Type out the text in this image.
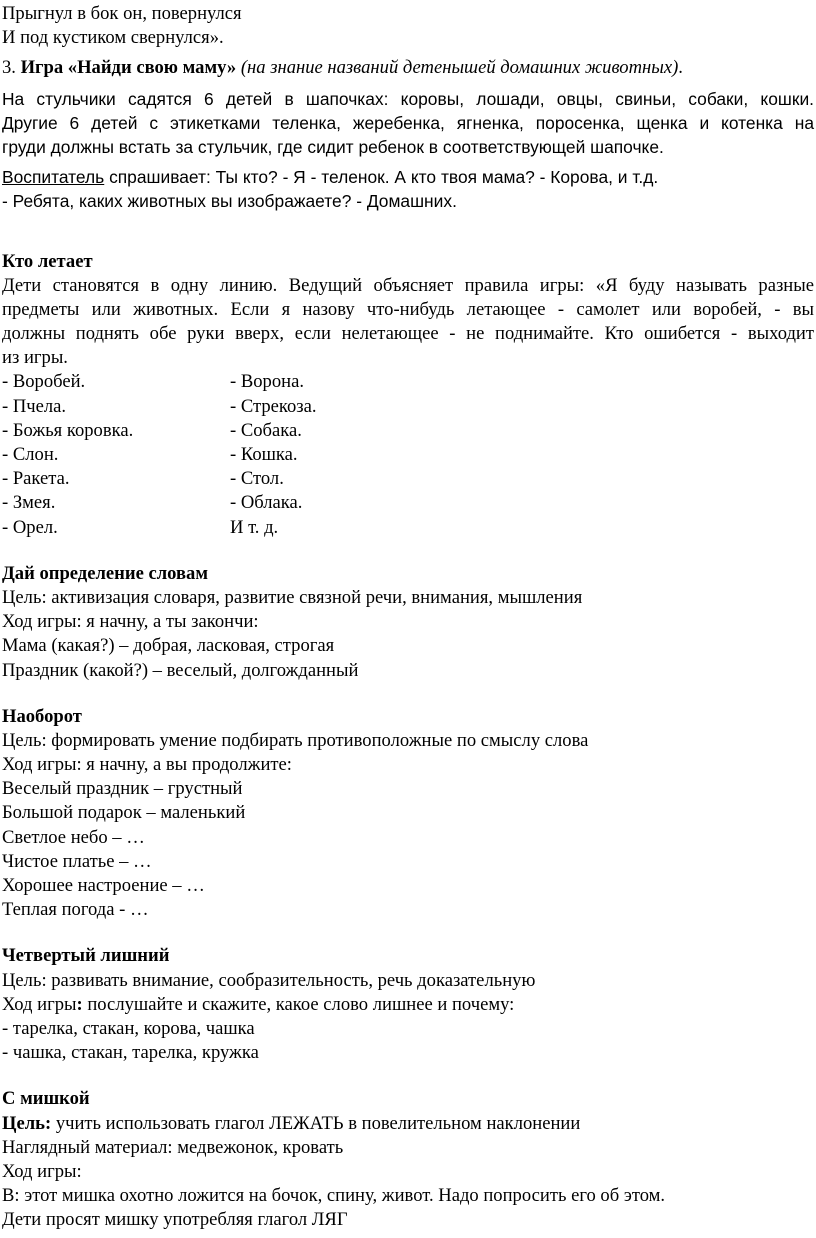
Прыгнул в бок он, повернулся
И под кустиком свернулся».
3. Игра «Найди свою маму» (на знание названий детенышей домашних животных).
На стульчики садятся 6 детей в шапочках: коровы, лошади, овцы, свиньи, собаки, кошки.
Другие 6 детей с этикетками теленка, жеребенка, ягненка, поросенка, щенка и котенка на
груди должны встать за стульчик, где сидит ребенок в соответствующей шапочке.
Воспитатель спрашивает: Ты кто? - Я - теленок. А кто твоя мама? - Корова, и т.д.
- Ребята, каких животных вы изображаете? - Домашних.
Кто летает
Дети становятся в одну линию. Ведущий объясняет правила игры: «Я буду называть разные
предметы или животных. Если я назову что-нибудь летающее - самолет или воробей, - вы
должны поднять обе руки вверх, если нелетающее - не поднимайте. Кто ошибется - выходит
из игры.
- Воробей.	- Ворона.
- Пчела.	- Стрекоза.
- Божья коровка.	- Собака.
- Слон.	- Кошка.
- Ракета.	- Стол.
- Змея.	- Облака.
- Орел.	И т. д.
Дай определение словам
Цель: активизация словаря, развитие связной речи, внимания, мышления
Ход игры: я начну, а ты закончи:
Мама (какая?) – добрая, ласковая, строгая
Праздник (какой?) – веселый, долгожданный
Наоборот
Цель: формировать умение подбирать противоположные по смыслу слова
Ход игры: я начну, а вы продолжите:
Веселый праздник – грустный
Большой подарок – маленький
Светлое небо – …
Чистое платье – …
Хорошее настроение – …
Теплая погода - …
Четвертый лишний
Цель: развивать внимание, сообразительность, речь доказательную
Ход игры: послушайте и скажите, какое слово лишнее и почему:
- тарелка, стакан, корова, чашка
- чашка, стакан, тарелка, кружка
С мишкой
Цель: учить использовать глагол ЛЕЖАТЬ в повелительном наклонении
Наглядный материал: медвежонок, кровать
Ход игры:
В: этот мишка охотно ложится на бочок, спину, живот. Надо попросить его об этом.
Дети просят мишку употребляя глагол ЛЯГ
